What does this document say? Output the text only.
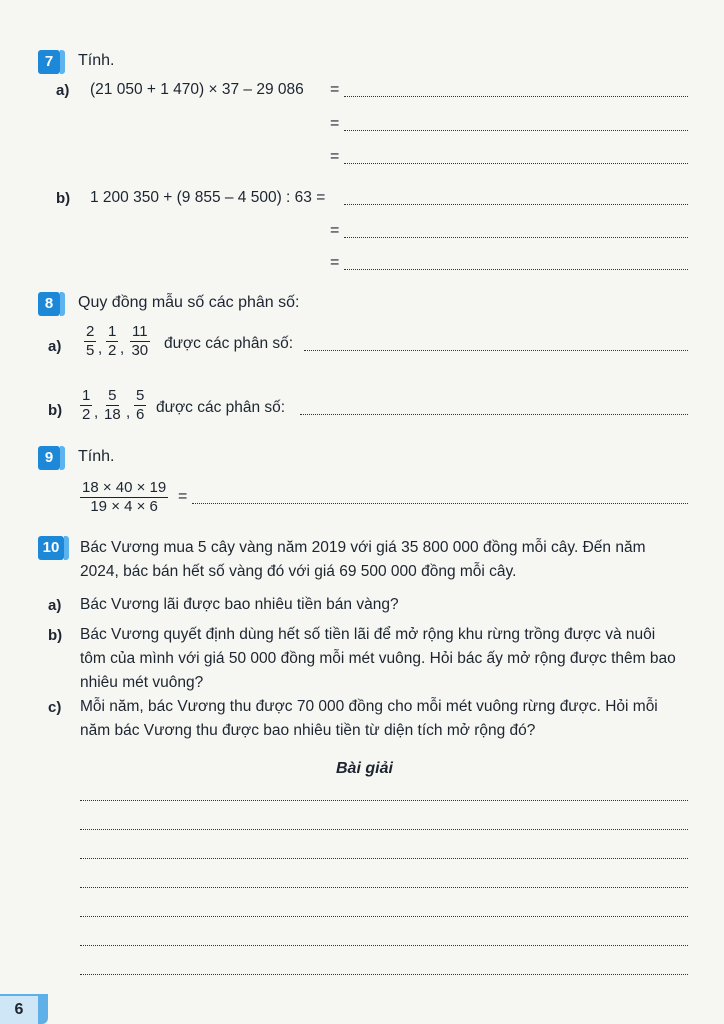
7	Tính.
a) (21 050 + 1 470) × 37 – 29 086 =
=
=
b) 1 200 350 + (9 855 – 4 500) : 63 =
=
=
8	Quy đồng mẫu số các phân số:
$a) \frac{2}{5}$ , $\frac{1}{2}$ , $\frac{11}{30}$ được các phân số:
$b) \frac{1}{2}$ , $\frac{5}{18}$ , $\frac{5}{6}$ được các phân số:
9	Tính.
$\frac{18 \times 40 \times 19}{19 \times 4 \times 6}$ =
10	Bác Vương mua 5 cây vàng năm 2019 với giá 35 800 000 đồng mỗi cây. Đến năm 2024, bác bán hết số vàng đó với giá 69 500 000 đồng mỗi cây.
a) Bác Vương lãi được bao nhiêu tiền bán vàng?
b) Bác Vương quyết định dùng hết số tiền lãi để mở rộng khu rừng trồng được và nuôi tôm của mình với giá 50 000 đồng mỗi mét vuông. Hỏi bác ấy mở rộng được thêm bao nhiêu mét vuông?
c) Mỗi năm, bác Vương thu được 70 000 đồng cho mỗi mét vuông rừng được. Hỏi mỗi năm bác Vương thu được bao nhiêu tiền từ diện tích mở rộng đó?
Bài giải
6
